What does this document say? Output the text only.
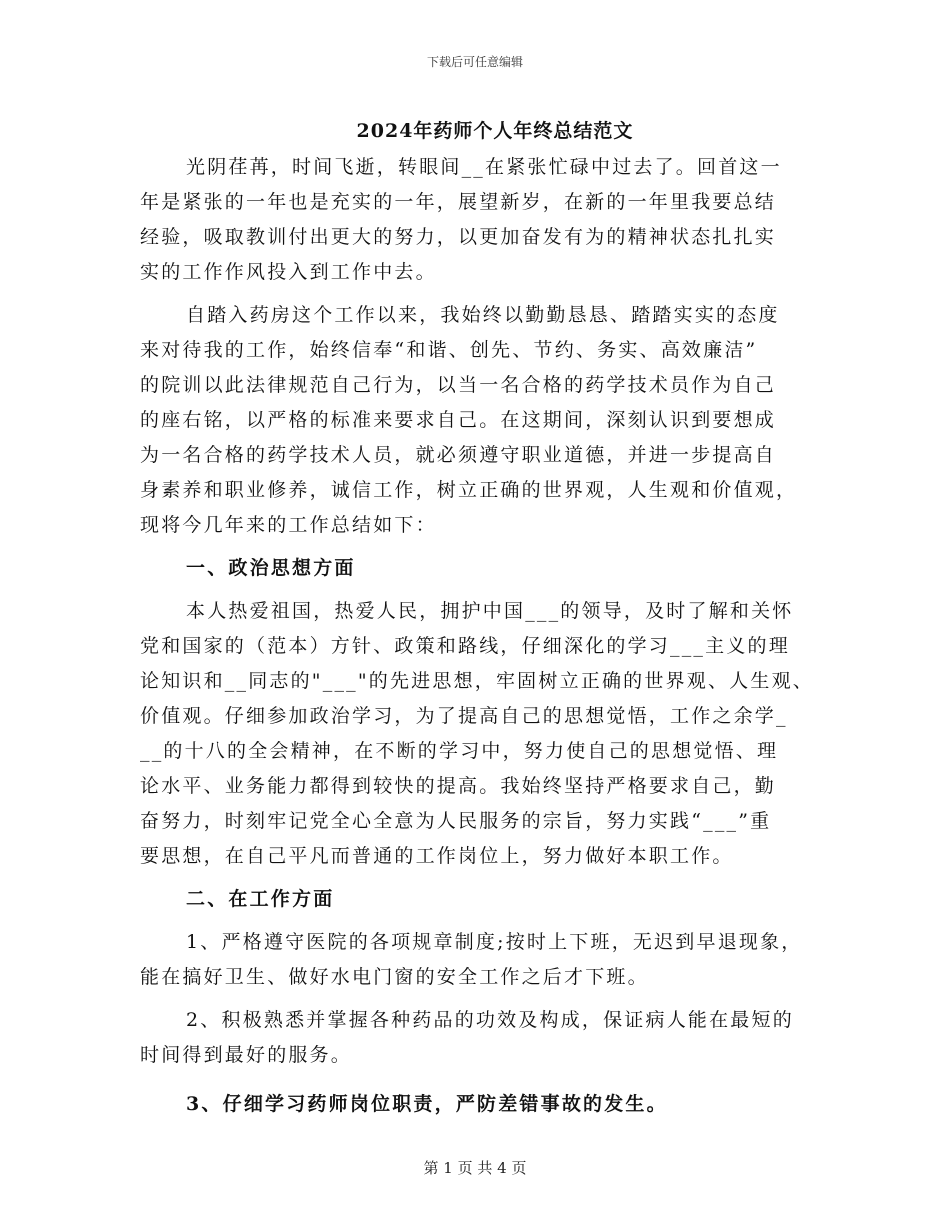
下载后可任意编辑
2024年药师个人年终总结范文
光阴荏苒，时间飞逝，转眼间__在紧张忙碌中过去了。回首这一
年是紧张的一年也是充实的一年，展望新岁，在新的一年里我要总结
经验，吸取教训付出更大的努力，以更加奋发有为的精神状态扎扎实
实的工作作风投入到工作中去。
自踏入药房这个工作以来，我始终以勤勤恳恳、踏踏实实的态度
来对待我的工作，始终信奉“和谐、创先、节约、务实、高效廉洁”
的院训以此法律规范自己行为，以当一名合格的药学技术员作为自己
的座右铭，以严格的标准来要求自己。在这期间，深刻认识到要想成
为一名合格的药学技术人员，就必须遵守职业道德，并进一步提高自
身素养和职业修养，诚信工作，树立正确的世界观，人生观和价值观，
现将今几年来的工作总结如下：
一、政治思想方面
本人热爱祖国，热爱人民，拥护中国___的领导，及时了解和关怀
党和国家的（范本）方针、政策和路线，仔细深化的学习___主义的理
论知识和__同志的"___"的先进思想，牢固树立正确的世界观、人生观、
价值观。仔细参加政治学习，为了提高自己的思想觉悟，工作之余学_
__的十八的全会精神，在不断的学习中，努力使自己的思想觉悟、理
论水平、业务能力都得到较快的提高。我始终坚持严格要求自己，勤
奋努力，时刻牢记党全心全意为人民服务的宗旨，努力实践“___”重
要思想，在自己平凡而普通的工作岗位上，努力做好本职工作。
二、在工作方面
1、严格遵守医院的各项规章制度;按时上下班，无迟到早退现象，
能在搞好卫生、做好水电门窗的安全工作之后才下班。
2、积极熟悉并掌握各种药品的功效及构成，保证病人能在最短的
时间得到最好的服务。
3、仔细学习药师岗位职责，严防差错事故的发生。
第 1 页 共 4 页
